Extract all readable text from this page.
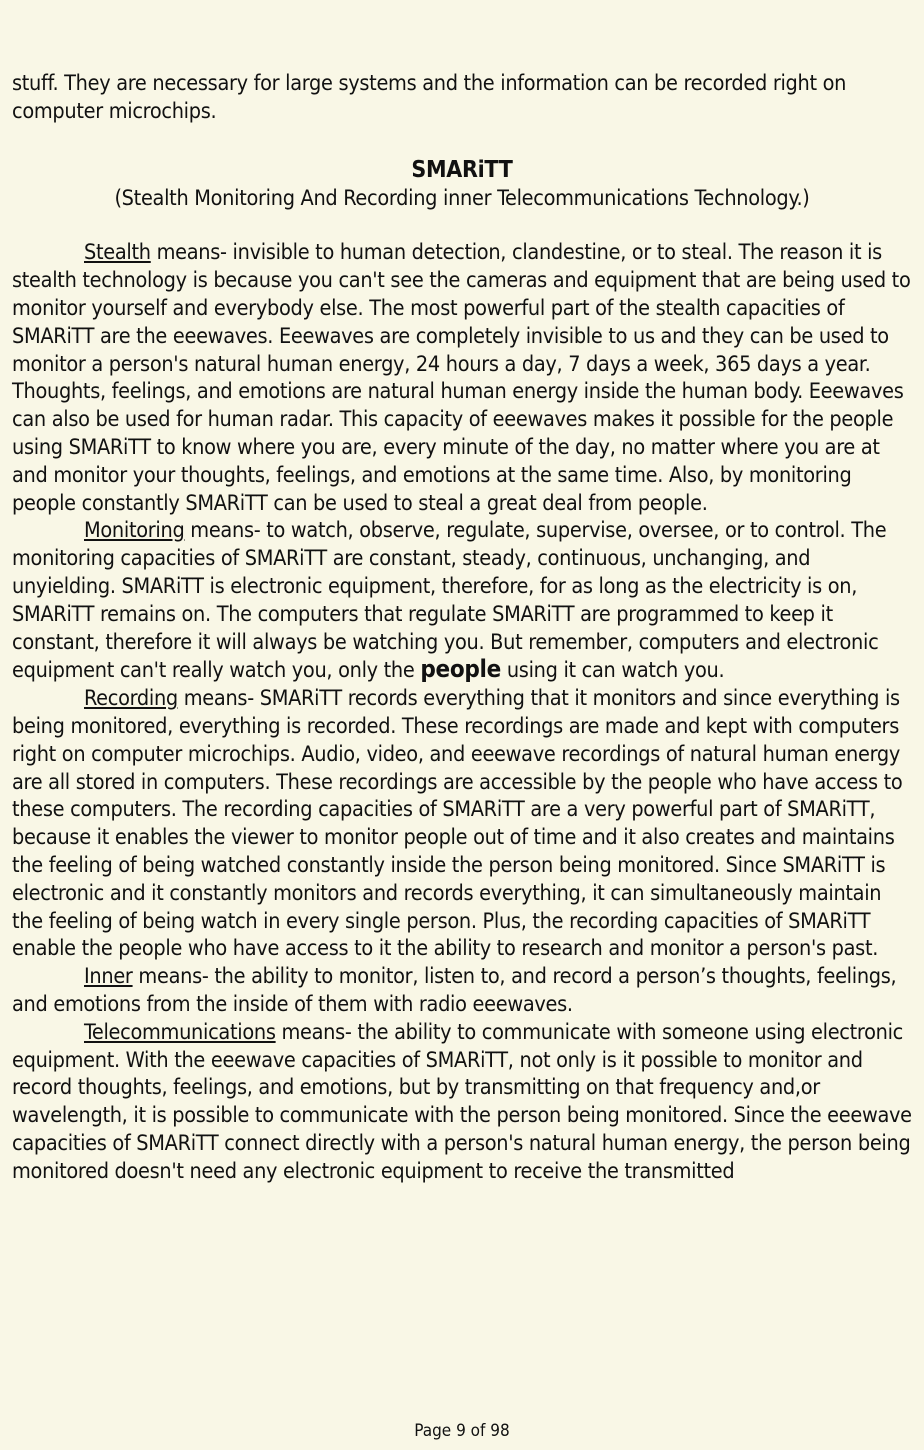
stuff. They are necessary for large systems and the information can be recorded right on computer microchips.

SMARiTT

(Stealth Monitoring And Recording inner Telecommunications Technology.)

Stealth means- invisible to human detection, clandestine, or to steal. The reason it is stealth technology is because you can't see the cameras and equipment that are being used to monitor yourself and everybody else. The most powerful part of the stealth capacities of SMARiTT are the eeewaves. Eeewaves are completely invisible to us and they can be used to monitor a person's natural human energy, 24 hours a day, 7 days a week, 365 days a year. Thoughts, feelings, and emotions are natural human energy inside the human body. Eeewaves can also be used for human radar. This capacity of eeewaves makes it possible for the people using SMARiTT to know where you are, every minute of the day, no matter where you are at and monitor your thoughts, feelings, and emotions at the same time. Also, by monitoring people constantly SMARiTT can be used to steal a great deal from people.

Monitoring means- to watch, observe, regulate, supervise, oversee, or to control. The monitoring capacities of SMARiTT are constant, steady, continuous, unchanging, and unyielding. SMARiTT is electronic equipment, therefore, for as long as the electricity is on, SMARiTT remains on. The computers that regulate SMARiTT are programmed to keep it constant, therefore it will always be watching you. But remember, computers and electronic equipment can't really watch you, only the people using it can watch you.

Recording means- SMARiTT records everything that it monitors and since everything is being monitored, everything is recorded. These recordings are made and kept with computers right on computer microchips. Audio, video, and eeewave recordings of natural human energy are all stored in computers. These recordings are accessible by the people who have access to these computers. The recording capacities of SMARiTT are a very powerful part of SMARiTT, because it enables the viewer to monitor people out of time and it also creates and maintains the feeling of being watched constantly inside the person being monitored. Since SMARiTT is electronic and it constantly monitors and records everything, it can simultaneously maintain the feeling of being watch in every single person. Plus, the recording capacities of SMARiTT enable the people who have access to it the ability to research and monitor a person's past.

Inner means- the ability to monitor, listen to, and record a person’s thoughts, feelings, and emotions from the inside of them with radio eeewaves.

Telecommunications means- the ability to communicate with someone using electronic equipment. With the eeewave capacities of SMARiTT, not only is it possible to monitor and record thoughts, feelings, and emotions, but by transmitting on that frequency and,or wavelength, it is possible to communicate with the person being monitored. Since the eeewave capacities of SMARiTT connect directly with a person's natural human energy, the person being monitored doesn't need any electronic equipment to receive the transmitted

Page 9 of 98
